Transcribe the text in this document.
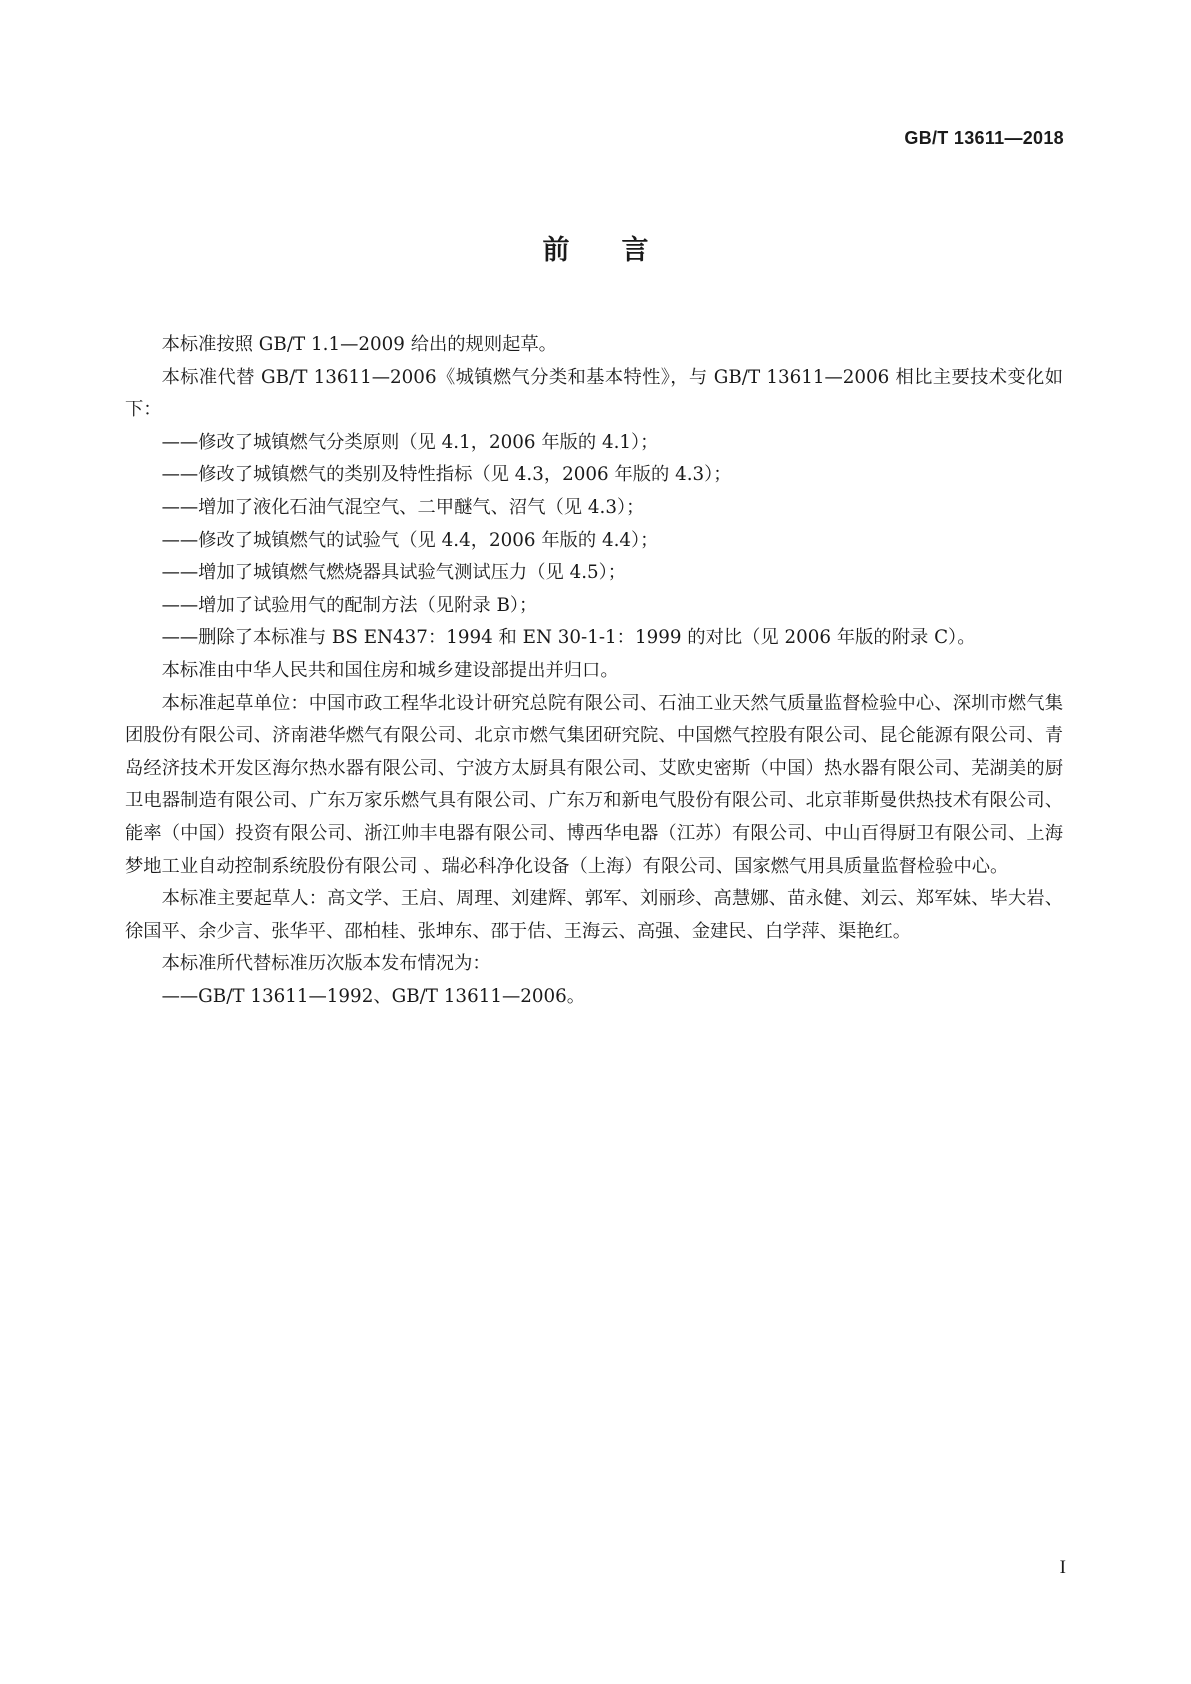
GB/T 13611—2018
前言

本标准按照 GB/T 1.1—2009 给出的规则起草。

本标准代替 GB/T 13611—2006《城镇燃气分类和基本特性》，与 GB/T 13611—2006 相比主要技术变化如下：

——修改了城镇燃气分类原则（见 4.1，2006 年版的 4.1）；

——修改了城镇燃气的类别及特性指标（见 4.3，2006 年版的 4.3）；

——增加了液化石油气混空气、二甲醚气、沼气（见 4.3）；

——修改了城镇燃气的试验气（见 4.4，2006 年版的 4.4）；

——增加了城镇燃气燃烧器具试验气测试压力（见 4.5）；

——增加了试验用气的配制方法（见附录 B）；

——删除了本标准与 BS EN437：1994 和 EN 30-1-1：1999 的对比（见 2006 年版的附录 C）。

本标准由中华人民共和国住房和城乡建设部提出并归口。

本标准起草单位：中国市政工程华北设计研究总院有限公司、石油工业天然气质量监督检验中心、深圳市燃气集团股份有限公司、济南港华燃气有限公司、北京市燃气集团研究院、中国燃气控股有限公司、昆仑能源有限公司、青岛经济技术开发区海尔热水器有限公司、宁波方太厨具有限公司、艾欧史密斯（中国）热水器有限公司、芜湖美的厨卫电器制造有限公司、广东万家乐燃气具有限公司、广东万和新电气股份有限公司、北京菲斯曼供热技术有限公司、能率（中国）投资有限公司、浙江帅丰电器有限公司、博西华电器（江苏）有限公司、中山百得厨卫有限公司、上海梦地工业自动控制系统股份有限公司 、瑞必科净化设备（上海）有限公司、国家燃气用具质量监督检验中心。

本标准主要起草人：高文学、王启、周理、刘建辉、郭军、刘丽珍、高慧娜、苗永健、刘云、郑军妹、毕大岩、徐国平、余少言、张华平、邵柏桂、张坤东、邵于佶、王海云、高强、金建民、白学萍、渠艳红。

本标准所代替标准历次版本发布情况为：

——GB/T 13611—1992、GB/T 13611—2006。

I
